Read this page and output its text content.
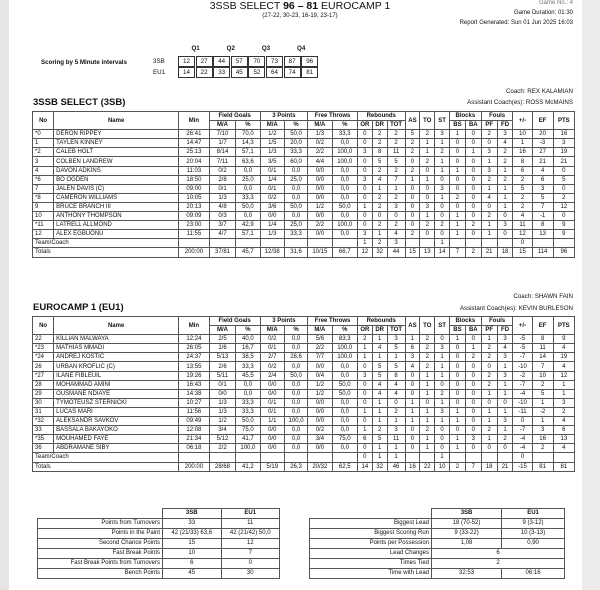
3SSB SELECT 96 – 81 EUROCAMP 1
(27-22, 30-23, 16-19, 23-17)
Game No.: 4
Game Duration: 01:30
Report Generated: Sun 01 Jun 2025 16:03
Scoring by 5 Minute intervals
Q1	Q2	Q3	Q4
3SB	12	27	44	57	70	73	87	96
EU1	14	22	33	45	52	64	74	81
Coach: REX KALAMIAN
3SSB SELECT (3SB)	Assistant Coach(es): ROSS McMAINS
No	Name	Min	Field Goals		3 Points		Free Throws		Rebounds			AS	TO	ST	Blocks		Fouls		+/-	EF	PTS
			M/A	%	M/A	%	M/A	%	OR	DR	TOT				BS	BA	PF	FD			
*0	DERON RIPPEY	26:41	7/10	70,0	1/2	50,0	1/3	33,3	0	2	2	5	2	3	1	0	2	3	10	20	16
1	TAYLEN KINNEY	14:47	1/7	14,3	1/5	20,0	0/2	0,0	0	2	2	2	1	1	0	0	0	4	1	-3	3
*2	CALEB HOLT	25:13	8/14	57,1	1/3	33,3	2/2	100,0	3	8	11	2	1	2	0	1	3	2	16	27	19
3	COLBEN LANDREW	20:04	7/11	63,6	3/5	60,0	4/4	100,0	0	5	5	0	2	1	0	0	1	2	8	21	21
4	DAVON ADKINS	11:03	0/2	0,0	0/1	0,0	0/0	0,0	0	2	2	2	0	1	1	0	3	1	6	4	0
*6	BO OGDEN	18:50	2/8	25,0	1/4	25,0	0/0	0,0	3	4	7	1	1	0	0	0	2	2	2	6	5
7	JALEN DAVIS (C)	09:00	0/1	0,0	0/1	0,0	0/0	0,0	0	1	1	0	0	3	0	0	1	1	5	3	0
*8	CAMERON WILLIAMS	10:05	1/3	33,3	0/2	0,0	0/0	0,0	0	2	2	0	0	1	2	0	4	1	2	5	2
9	BRUCE BRANCH III	20:13	4/8	50,0	3/6	50,0	1/2	50,0	1	2	3	0	3	0	0	0	0	1	2	7	12
10	ANTHONY THOMPSON	09:09	0/3	0,0	0/0	0,0	0/0	0,0	0	0	0	0	1	0	1	0	2	0	4	-1	0
*11	LATRELL ALLMOND	23:00	3/7	42,9	1/4	25,0	2/2	100,0	0	2	2	0	2	2	1	2	1	3	11	8	9
12	ALEX EGBUONU	11:55	4/7	57,1	1/3	33,3	0/0	0,0	3	1	4	2	0	0	1	0	1	0	12	13	9
Team/Coach									1	2	3			1					0		
Totals		200:00	37/81	45,7	12/38	31,6	10/15	66,7	12	32	44	15	13	14	7	2	21	18	15	114	96
Coach: SHAWN FAIN
EUROCAMP 1 (EU1)	Assistant Coach(es): KEVIN BURLESON
No	Name	Min	Field Goals		3 Points		Free Throws		Rebounds			AS	TO	ST	Blocks		Fouls		+/-	EF	PTS
			M/A	%	M/A	%	M/A	%	OR	DR	TOT				BS	BA	PF	FD			
22	KILLIAN MALWAYA	12:24	2/5	40,0	0/2	0,0	5/6	83,3	2	1	3	1	2	0	1	0	1	3	-5	8	9
*23	MATHIAS MMADI	26:05	1/6	16,7	0/1	0,0	2/2	100,0	1	4	5	6	2	3	0	1	2	4	-5	11	4
*24	ANDREJ KOSTIC	24:37	5/13	38,5	2/7	28,6	7/7	100,0	1	1	1	3	2	1	0	2	2	3	-7	14	19
26	URBAN KROFLIC (C)	13:55	2/6	33,3	0/2	0,0	0/0	0,0	0	5	5	4	2	1	0	0	0	1	-10	7	4
*27	ILANE FIBLEUIL	19:26	5/11	45,5	2/4	50,0	0/4	0,0	3	5	8	0	1	1	0	0	2	3	-2	10	12
28	MOHAMMAD AMINI	16:43	0/1	0,0	0/0	0,0	1/2	50,0	0	4	4	0	1	0	0	0	2	1	-7	2	1
29	OUSMANE NDIAYE	14:38	0/0	0,0	0/0	0,0	1/2	50,0	0	4	4	0	1	2	0	0	1	1	-4	5	1
30	TYMOTEUSZ STERNICKI	10:27	1/3	33,3	0/1	0,0	0/0	0,0	0	1	0	1	0	1	0	0	0	0	-10	1	3
31	LUCAS MARI	11:56	1/3	33,3	0/1	0,0	0/0	0,0	1	1	2	1	1	3	1	0	1	1	-11	-2	2
*32	ALEKSANDR SAVKOV	09:49	1/2	50,0	1/1	100,0	0/0	0,0	0	1	1	1	1	1	1	0	1	3	0	1	4
33	BASSALA BAKAYOKO	12:08	3/4	75,0	0/0	0,0	0/2	0,0	1	2	3	0	2	0	0	0	2	1	-7	3	6
*35	MOUHAMED FAYE	21:34	5/12	41,7	0/0	0,0	3/4	75,0	6	5	11	0	1	0	1	3	1	2	-4	16	13
36	ABDRAMANE SIBY	06:18	2/2	100,0	0/0	0,0	0/0	0,0	0	1	1	0	1	0	1	0	0	0	-4	2	4
Team/Coach									0	1	1			1					0		
Totals		200:00	28/68	41,2	5/19	26,3	20/32	62,5	14	32	46	16	22	10	2	7	18	21	-15	81	81
	3SB	EU1
Points from Turnovers	33	11
Points in the Paint	42 (21/33) 63,6	42 (21/42) 50,0
Second Chance Points	15	12
Fast Break Points	10	7
Fast Break Points from Turnovers	6	0
Bench Points	45	30
	3SB	EU1
Biggest Lead	18 (70-52)	9 (3-12)
Biggest Scoring Run	9 (33-22)	10 (3-13)
Points per Possession	1,08	0,90
Lead Changes	6	
Times Tied	2	
Time with Lead	32:53	06:16
